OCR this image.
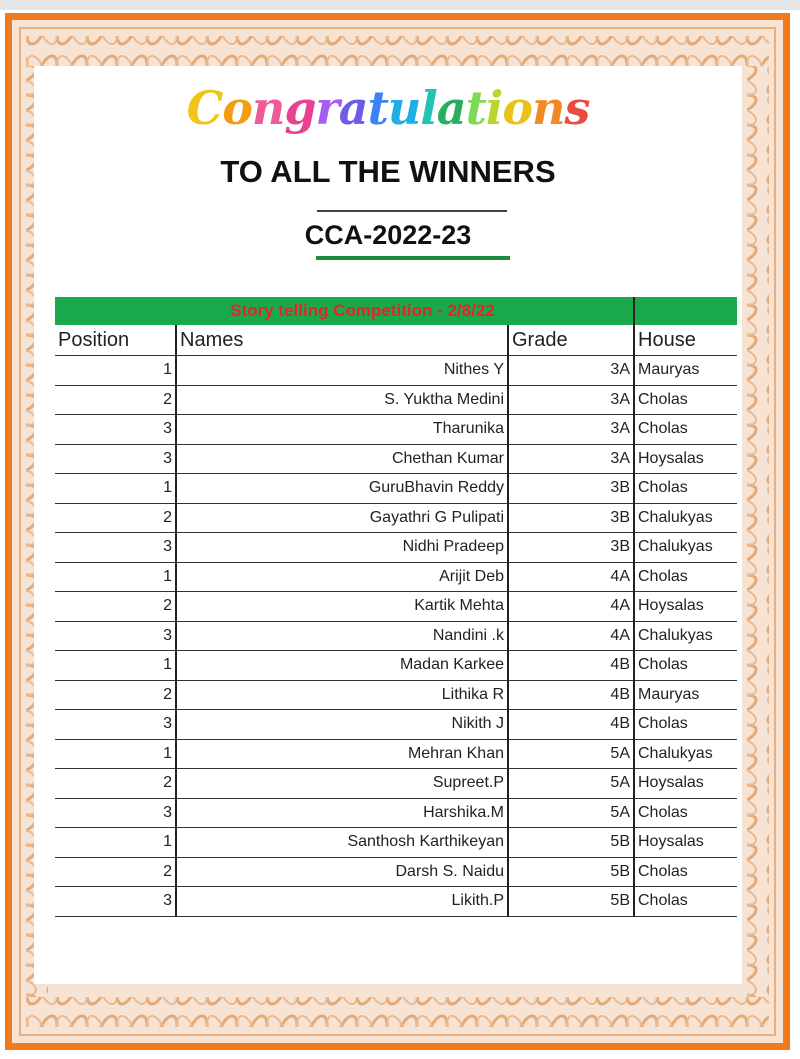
Congratulations
TO ALL THE WINNERS
CCA-2022-23
Story telling Competition - 2/8/22			
Position	Names	Grade	House
1	Nithes Y	3A	Mauryas
2	S. Yuktha Medini	3A	Cholas
3	Tharunika	3A	Cholas
3	Chethan Kumar	3A	Hoysalas
1	GuruBhavin Reddy	3B	Cholas
2	Gayathri G Pulipati	3B	Chalukyas
3	Nidhi Pradeep	3B	Chalukyas
1	Arijit Deb	4A	Cholas
2	Kartik Mehta	4A	Hoysalas
3	Nandini .k	4A	Chalukyas
1	Madan Karkee	4B	Cholas
2	Lithika R	4B	Mauryas
3	Nikith J	4B	Cholas
1	Mehran Khan	5A	Chalukyas
2	Supreet.P	5A	Hoysalas
3	Harshika.M	5A	Cholas
1	Santhosh Karthikeyan	5B	Hoysalas
2	Darsh S. Naidu	5B	Cholas
3	Likith.P	5B	Cholas
